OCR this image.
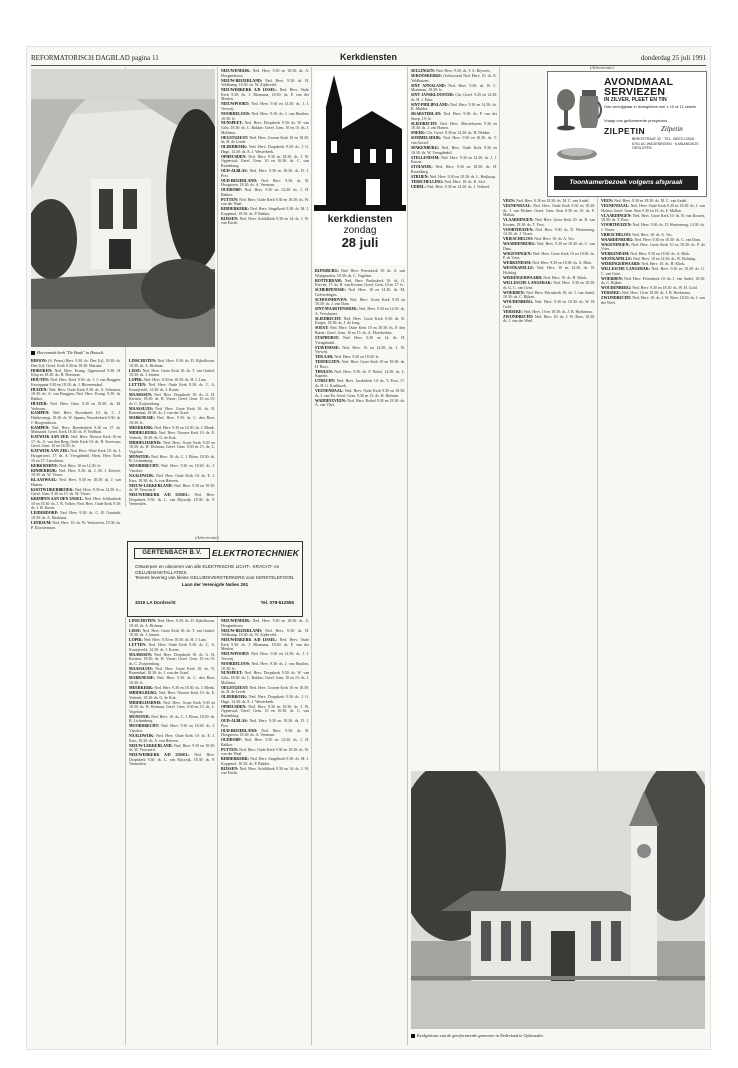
REFORMATORISCH DAGBLAD pagina 11	Kerkdiensten	donderdag 25 juli 1991
Hervormde kerk "De Baak" in Hasselt.

RHOON: (S. Peters) Herv. 9.30: ds. Den Uyl, 18.30: ds. Den Uyl; Geref. Kerk 9.30 en 18.30: Martien.

HOBOKEN: Ned. Herv. Evang. Oppenoord 9.30: H. Klop en 18.30: ds. H. Boerman.

HOUTEN: Ned. Herv. Kerk 9.30: ds. J. J. van Bruggen, Knooppunt 9.30 en 18.30: ds. J. Bloemendaal.

HUIZEN: Ned. Herv. Oude Kerk 9.30: ds. A. Schouten, 18.30: ds. A. van Bruggen; Ned. Herv. Evang. 9.30: ds. Bakker.

HUIZER: Ned. Herv. Gem. 9.30 en 18.30: ds. M. Verboom.

KAMPEN: Ned. Herv. Bovenkerk 10: ds. C. J. Hakkesteegt, 18.30: ds. W. Spaans; Noorderkerk 9.30: ds. J. Hoogendoorn.

KAMPEN: Ned. Herv. Broederkerk 9.30 en 17: ds. Minnaard; Geref. Kerk 18.30: ds. P. Veldhuis.

KATWIJK AAN ZEE: Ned. Herv. Nieuwe Kerk 10 en 17: ds. A. van den Berg; Oude Kerk 10: ds. H. Korevaar; Geref. Gem. 10 en 16.30: lv.

KATWIJK AAN ZEE: Ned. Herv. Witte Kerk 10: ds. J. Hoogerwerf, 17: ds. A. Vreugdenhil; Herst. Herv. Kerk 10 en 17: Leesdienst.

KERKWERVE: Ned. Herv. 10 en 14.30: lv.

KINDERDIJK: Ned. Herv. 9.30: ds. J. M. J. Kieviet, 18.30: ds. W. Visser.

KLAASWAAL: Ned. Herv. 9.30 en 18.30: ds. J. van Haaren.

KOOTWIJKERBROEK: Ned. Herv. 9.30 en 14.30: lv.; Geref. Gem. 9.30 en 15: ds. W. Visser.

KRIMPEN AAN DEN IJSSEL: Ned. Herv. Ichthuskerk 10 en 18.30: ds. J. R. Volker; Ned. Herv. Oude Kerk 9.30: ds. J. H. Koren.

LEIDERDORP: Ned. Herv. 9.30: ds. C. H. Gunnink, 18.30: ds. A. Haaksma.

LEERSUM: Ned. Herv. 10: ds. W. Verhoeven, 18.30: ds. P. Kloosterman.

LINSCHOTEN: Ned. Herv. 9.30: ds. D. Eijkelboom, 18.30: ds. A. Hofman.

LISSE: Ned. Herv. Grote Kerk 10: ds. T. van Ginkel, 18.30: ds. J. Jansen.

LOPIK: Ned. Herv. 9.30 en 18.30: ds. H. J. Lam.

LUTTEN: Ned. Herv. Oude Kerk 9.30: ds. C. A. Kraaijeveld, 14.30: ds. J. Koren.

MAARSSEN: Ned. Herv. Dorpskerk 10: ds. G. H. Kersten, 18.30: ds. H. Visser; Geref. Gem. 10 en 15: ds. C. Zwijnenburg.

MAASSLUIS: Ned. Herv. Grote Kerk 10: ds. N. Rozendaal, 18.30: ds. J. van der Graaf.

MARKNESSE: Ned. Herv. 9.30: ds. C. den Boer, 18.30: lv.

MEERKERK: Ned. Herv. 9.30 en 18.30: ds. J. Blenk.

MIDDELBURG: Ned. Herv. Nieuwe Kerk 10: ds. E. Verkerk, 18.30: ds. G. de Kok.

MIDDELHARNIS: Ned. Herv. Grote Kerk 9.30 en 18.30: ds. H. Hofman; Geref. Gem. 9.30 en 15: ds. L. Vogelaar.

MONSTER: Ned. Herv. 10: ds. C. J. Blom, 18.30: ds. B. Lichtenberg.

MOORDRECHT: Ned. Herv. 9.30 en 18.30: ds. J. Visscher.

NAALDWIJK: Ned. Herv. Oude Kerk 10: ds. E. J. Kars, 18.30: ds. A. van Heteren.

NIEUW-LEKKERLAND: Ned. Herv. 9.30 en 18.30: ds. W. Verwoerd.

NIEUWERKERK A/D IJSSEL: Ned. Herv. Dorpskerk 9.30: ds. L. van Rijswijk, 18.30: ds. P. Vermeulen.

NIEUWENDIJK: Ned. Herv. 9.30 en 18.30: ds. A. Hoogendoorn.

NIEUW-BEIJERLAND: Ned. Herv. 9.30: ds. H. Veldkamp, 18.30: ds. W. Zijderveld.

NIEUWERKERK A/D IJSSEL: Ned. Herv. Oude Kerk 9.30: ds. J. Blomsma, 18.30: ds. P. van der Meulen.

NIEUWPOORT: Ned. Herv. 9.30 en 14.30: ds. J. J. Verweij.

NOORDELOOS: Ned. Herv. 9.30: ds. J. van Haaften, 18.30: lv.

NUNSPEET: Ned. Herv. Dorpskerk 9.30: ds. W. van Gilst, 18.30: ds. C. Bakker; Geref. Gem. 10 en 15: ds. J. Mollema.

OEGSTGEEST: Ned. Herv. Groene Kerk 10 en 18.30: ds. H. de Leede.

OLDEBROEK: Ned. Herv. Dorpskerk 9.30: ds. J. G. Hage, 14.30: ds. E. J. Westerbeek.

OPHEUSDEN: Ned. Herv. 9.30 en 18.30: ds. J. W. Oppenwal; Geref. Gem. 10 en 16.30: ds. C. van Ruitenburg.

OUD-ALBLAS: Ned. Herv. 9.30 en 18.30: ds. D. J. Post.

OUD-BEIJERLAND: Ned. Herv. 9.30: ds. B. Hoogsteen, 18.30: ds. A. Veerman.

OUDDORP: Ned. Herv. 9.30 en 14.30: ds. J. H. Bakker.

PUTTEN: Ned. Herv. Oude Kerk 9.30 en 18.30: ds. W. van der Waal.

RIDDERKERK: Ned. Herv. Singelkerk 9.30: ds. M. J. Koppenol, 18.30: ds. P. Bakker.

RIJSSEN: Ned. Herv. Schildkerk 9.30 en 14: ds. J. W. van Estrik.

RIJNSBURG: Ned. Herv. Petruskerk 10: ds. A. van Wijngaarden, 18.30: ds. C. Vogelaar.

ROTTERDAM: Ned. Herv. Pauluskerk 10: ds. G. Kieviet, 17: ds. R. van Kooten; Geref. Gem. 10 en 17: lv.

SCHERPENISSE: Ned. Herv. 10 en 14.30: ds. M. Golverdingen.

SCHOONHOVEN: Ned. Herv. Grote Kerk 9.30 en 18.30: ds. J. van Dam.

SINT-MAARTENSDIJK: Ned. Herv. 9.30 en 14.30: ds. A. Verschuure.

SLIEDRECHT: Ned. Herv. Grote Kerk 9.30: ds. R. Kuiper, 18.30: ds. J. de Jong.

SOEST: Ned. Herv. Oude Kerk 10 en 18.30: ds. P. den Butter; Geref. Gem. 10 en 15: ds. A. Moerkerken.

STAPHORST: Ned. Herv. 9.30 en 14: ds. H. Vreugdenhil.

STAVENISSE: Ned. Herv. 10 en 14.30: ds. J. W. Verweij.

TER AAR: Ned. Herv. 9.30 en 18.30: lv.

TERNEUZEN: Ned. Herv. Grote Kerk 10 en 18.30: ds. H. Roos.

THOLEN: Ned. Herv. 9.30: ds. P. Nobel, 14.30: ds. L. Kaptein.

UTRECHT: Ned. Herv. Jacobikerk 10: ds. T. Poot, 17: ds. H. G. Koekkoek.

VEENENDAAL: Ned. Herv. Oude Kerk 9.30 en 18.30: ds. J. van Ee; Geref. Gem. 9.30 en 15: ds. H. Hofman.

WADDINXVEEN: Ned. Herv. Bethel 9.30 en 18.30: ds. A. van Vliet.

SELLINGEN: Ned. Herv. 9.30: ds. T. A. Bijvoets.

SEROOSKERKE: (Schouwen) Ned. Herv. 10: ds. K. Veldhuizen.

SINT ANNALAND: Ned. Herv. 9.30: ds. W. C. Moerman, 18.30: lv.

SINT JANSKLOOSTER: Chr. Geref. 9.45 en 14.30: ds. H. J. Ettor.

SINT-PHILIPSLAND: Ned. Herv. 9.30 en 14.30: ds. K. Mulder.

SKARSTERLAN: Ned. Herv. 9.30: ds. P. van der Stoep, 19: lv.

SLIEDRECHT: Ned. Herv. Merwehaven 9.30 en 18.30: ds. J. van Harten.

SNEEK: Chr. Geref. 9.30 en 14.30: ds. H. Dekker.

SOMMELSDIJK: Ned. Herv. 9.30 en 18.30: ds. T. van Gorsel.

SPAKENBURG: Ned. Herv. Oude Kerk 9.30 en 18.30: ds. W. Vreugdenhil.

STELLENDAM: Ned. Herv. 9.30 en 14.30: ds. J. J. Kroon.

STOLWIJK: Ned. Herv. 9.30 en 18.30: ds. H. Rosenberg.

STRIJEN: Ned. Herv. 9.30 en 18.30: ds. L. Heijkoop.

TERSCHELLING: Ned. Herv. 10: ds. K. Stol.

UDDEL: Ned. Herv. 9.30 en 14.30: ds. J. Verhoef.

VEEN: Ned. Herv. 9.30 en 18.30: ds. M. C. van Andel.

VEENENDAAL: Ned. Herv. Oude Kerk 9.30 en 18.30: ds. J. van Holten; Geref. Gem. Sion 9.30 en 15: ds. F. Mallan.

VLAARDINGEN: Ned. Herv. Grote Kerk 10: ds. R. van Kooten, 18.30: ds. T. Poot.

VOORTHUIZEN: Ned. Herv. 9.30: ds. D. Westerneng, 14.30: ds. J. Visser.

VRIESCHELOO: Ned. Herv. 10: ds. A. Vos.

WAARDENBURG: Ned. Herv. 9.30 en 18.30: ds. C. van Dam.

WAGENINGEN: Ned. Herv. Grote Kerk 10 en 18.30: ds. P. de Vries.

WERKENDAM: Ned. Herv. 9.30 en 18.30: ds. A. Blok.

WESTKAPELLE: Ned. Herv. 10 en 14.30: ds. W. Holtslag.

WIERINGERWAARD: Ned. Herv. 10: ds. H. Klink.

WILLESCHE LANGERAK: Ned. Herv. 9.30 en 18.30: ds. G. C. van Gent.

WOERDEN: Ned. Herv. Petruskerk 10: ds. J. van Andel, 18.30: ds. C. Rijken.

WOUDENBERG: Ned. Herv. 9.30 en 18.30: ds. W. H. Gold.

YERSEKE: Ned. Herv. 10 en 18.30: ds. J. B. Hoeksema.

ZWIJNDRECHT: Ned. Herv. 10: ds. J. W. Boer, 18.30: ds. J. van der Weel.

VEEN: Ned. Herv. 9.30 en 18.30: ds. M. C. van Andel.

VEENENDAAL: Ned. Herv. Oude Kerk 9.30 en 18.30: ds. J. van Holten; Geref. Gem. Sion 9.30 en 15: ds. F. Mallan.

VLAARDINGEN: Ned. Herv. Grote Kerk 10: ds. R. van Kooten, 18.30: ds. T. Poot.

VOORTHUIZEN: Ned. Herv. 9.30: ds. D. Westerneng, 14.30: ds. J. Visser.

VRIESCHELOO: Ned. Herv. 10: ds. A. Vos.

WAARDENBURG: Ned. Herv. 9.30 en 18.30: ds. C. van Dam.

WAGENINGEN: Ned. Herv. Grote Kerk 10 en 18.30: ds. P. de Vries.

WERKENDAM: Ned. Herv. 9.30 en 18.30: ds. A. Blok.

WESTKAPELLE: Ned. Herv. 10 en 14.30: ds. W. Holtslag.

WIERINGERWAARD: Ned. Herv. 10: ds. H. Klink.

WILLESCHE LANGERAK: Ned. Herv. 9.30 en 18.30: ds. G. C. van Gent.

WOERDEN: Ned. Herv. Petruskerk 10: ds. J. van Andel, 18.30: ds. C. Rijken.

WOUDENBERG: Ned. Herv. 9.30 en 18.30: ds. W. H. Gold.

YERSEKE: Ned. Herv. 10 en 18.30: ds. J. B. Hoeksema.

ZWIJNDRECHT: Ned. Herv. 10: ds. J. W. Boer, 18.30: ds. J. van der Weel.

LINSCHOTEN: Ned. Herv. 9.30: ds. D. Eijkelboom, 18.30: ds. A. Hofman.

LISSE: Ned. Herv. Grote Kerk 10: ds. T. van Ginkel, 18.30: ds. J. Jansen.

LOPIK: Ned. Herv. 9.30 en 18.30: ds. H. J. Lam.

LUTTEN: Ned. Herv. Oude Kerk 9.30: ds. C. A. Kraaijeveld, 14.30: ds. J. Koren.

MAARSSEN: Ned. Herv. Dorpskerk 10: ds. G. H. Kersten, 18.30: ds. H. Visser; Geref. Gem. 10 en 15: ds. C. Zwijnenburg.

MAASSLUIS: Ned. Herv. Grote Kerk 10: ds. N. Rozendaal, 18.30: ds. J. van der Graaf.

MARKNESSE: Ned. Herv. 9.30: ds. C. den Boer, 18.30: lv.

MEERKERK: Ned. Herv. 9.30 en 18.30: ds. J. Blenk.

MIDDELBURG: Ned. Herv. Nieuwe Kerk 10: ds. E. Verkerk, 18.30: ds. G. de Kok.

MIDDELHARNIS: Ned. Herv. Grote Kerk 9.30 en 18.30: ds. H. Hofman; Geref. Gem. 9.30 en 15: ds. L. Vogelaar.

MONSTER: Ned. Herv. 10: ds. C. J. Blom, 18.30: ds. B. Lichtenberg.

MOORDRECHT: Ned. Herv. 9.30 en 18.30: ds. J. Visscher.

NAALDWIJK: Ned. Herv. Oude Kerk 10: ds. E. J. Kars, 18.30: ds. A. van Heteren.

NIEUW-LEKKERLAND: Ned. Herv. 9.30 en 18.30: ds. W. Verwoerd.

NIEUWERKERK A/D IJSSEL: Ned. Herv. Dorpskerk 9.30: ds. L. van Rijswijk, 18.30: ds. P. Vermeulen.

NIEUWENDIJK: Ned. Herv. 9.30 en 18.30: ds. A. Hoogendoorn.

NIEUW-BEIJERLAND: Ned. Herv. 9.30: ds. H. Veldkamp, 18.30: ds. W. Zijderveld.

NIEUWERKERK A/D IJSSEL: Ned. Herv. Oude Kerk 9.30: ds. J. Blomsma, 18.30: ds. P. van der Meulen.

NIEUWPOORT: Ned. Herv. 9.30 en 14.30: ds. J. J. Verweij.

NOORDELOOS: Ned. Herv. 9.30: ds. J. van Haaften, 18.30: lv.

NUNSPEET: Ned. Herv. Dorpskerk 9.30: ds. W. van Gilst, 18.30: ds. C. Bakker; Geref. Gem. 10 en 15: ds. J. Mollema.

OEGSTGEEST: Ned. Herv. Groene Kerk 10 en 18.30: ds. H. de Leede.

OLDEBROEK: Ned. Herv. Dorpskerk 9.30: ds. J. G. Hage, 14.30: ds. E. J. Westerbeek.

OPHEUSDEN: Ned. Herv. 9.30 en 18.30: ds. J. W. Oppenwal; Geref. Gem. 10 en 16.30: ds. C. van Ruitenburg.

OUD-ALBLAS: Ned. Herv. 9.30 en 18.30: ds. D. J. Post.

OUD-BEIJERLAND: Ned. Herv. 9.30: ds. B. Hoogsteen, 18.30: ds. A. Veerman.

OUDDORP: Ned. Herv. 9.30 en 14.30: ds. J. H. Bakker.

PUTTEN: Ned. Herv. Oude Kerk 9.30 en 18.30: ds. W. van der Waal.

RIDDERKERK: Ned. Herv. Singelkerk 9.30: ds. M. J. Koppenol, 18.30: ds. P. Bakker.

RIJSSEN: Ned. Herv. Schildkerk 9.30 en 14: ds. J. W. van Estrik.

kerkdiensten
zondag
28 juli
(Advertentie)
(Advertentie)
GERTENBACH B.V.	ELEKTROTECHNIEK
Ontwerpen en uitvoeren van alle ELEKTRISCHE LICHT-, KRACHT- en GELUIDSINSTALLATIES.
Tevens levering van kleine GELUIDSVERSTERKERS voor KERKTELEFOON.
Laan der Verenigde Naties 261
3319 LA Dordrecht	Tel. 078-512555
AVONDMAAL SERVIEZEN
IN ZILVER, PLEET EN TIN
Ook verkrijgbaar in tinnegieters met ± 10 of 12 cirkels
Vraagt ons geillustreerde prospectus
ZILPETIN Zilpetin
BERGSTRAAT 32 · TEL. 08370-12528 · 6701 AC WAGENINGEN · 5-MAANDAGS GESLOTEN
Toonkamerbezoek volgens afspraak
Kerkgebouw van de gereformeerde gemeente in Nederland te Opheusden.
